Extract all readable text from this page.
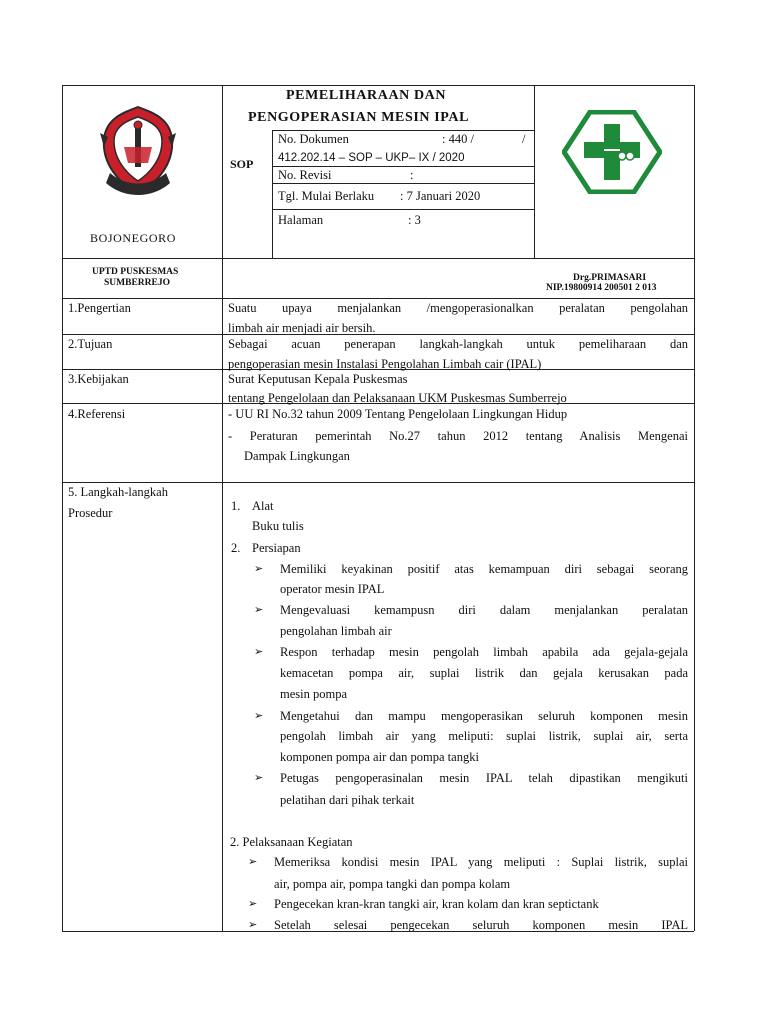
BOJONEGORO
PEMELIHARAAN DAN
PENGOPERASIAN MESIN IPAL
SOP
No. Dokumen	: 440 /	/
412.202.14 – SOP – UKP– IX / 2020
No. Revisi	:
Tgl. Mulai Berlaku : 7 Januari 2020
Halaman	: 3
UPTD PUSKESMAS
SUMBERREJO	Drg.PRIMASARI
NIP.19800914 200501 2 013
1.Pengertian	Suatu upaya menjalankan /mengoperasionalkan peralatan pengolahan
limbah air menjadi air bersih.
2.Tujuan	Sebagai acuan penerapan langkah-langkah untuk pemeliharaan dan
pengoperasian mesin Instalasi Pengolahan Limbah cair (IPAL)
3.Kebijakan	Surat Keputusan Kepala Puskesmas
tentang Pengelolaan dan Pelaksanaan UKM Puskesmas Sumberrejo
4.Referensi	- UU RI No.32 tahun 2009 Tentang Pengelolaan Lingkungan Hidup
- Peraturan pemerintah No.27 tahun 2012 tentang Analisis Mengenai
Dampak Lingkungan
5. Langkah-langkah
Prosedur	1. Alat
Buku tulis
2. Persiapan
➢ Memiliki keyakinan positif atas kemampuan diri sebagai seorang
operator mesin IPAL
➢ Mengevaluasi kemampusn diri dalam menjalankan peralatan
pengolahan limbah air
➢ Respon terhadap mesin pengolah limbah apabila ada gejala-gejala
kemacetan pompa air, suplai listrik dan gejala kerusakan pada
mesin pompa
➢ Mengetahui dan mampu mengoperasikan seluruh komponen mesin
pengolah limbah air yang meliputi: suplai listrik, suplai air, serta
komponen pompa air dan pompa tangki
➢ Petugas pengoperasinalan mesin IPAL telah dipastikan mengikuti
pelatihan dari pihak terkait
2. Pelaksanaan Kegiatan
➢ Memeriksa kondisi mesin IPAL yang meliputi : Suplai listrik, suplai
air, pompa air, pompa tangki dan pompa kolam
➢ Pengecekan kran-kran tangki air, kran kolam dan kran septictank
➢ Setelah selesai pengecekan seluruh komponen mesin IPAL
